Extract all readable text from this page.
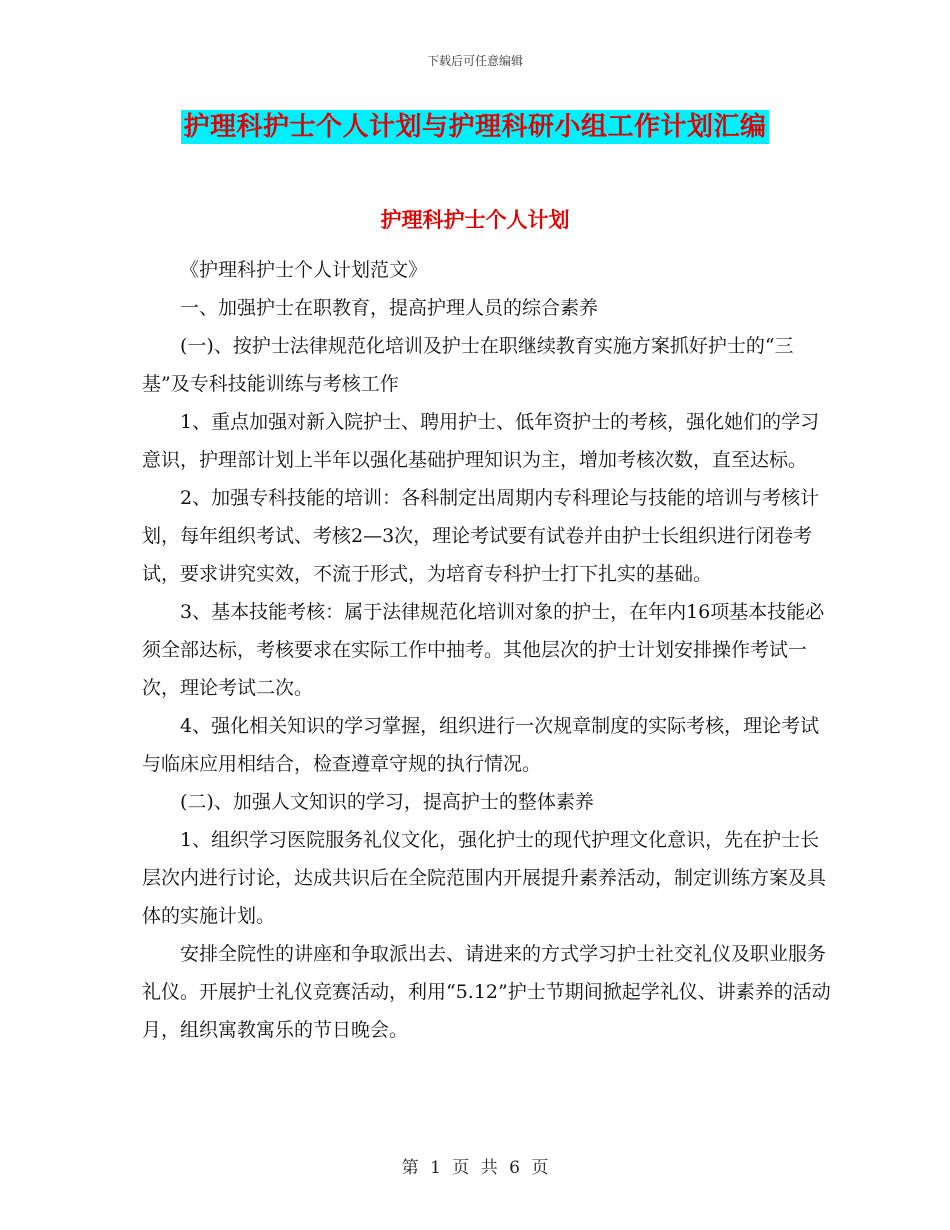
下载后可任意编辑
护理科护士个人计划与护理科研小组工作计划汇编
护理科护士个人计划

《护理科护士个人计划范文》

一、加强护士在职教育，提高护理人员的综合素养

(一)、按护士法律规范化培训及护士在职继续教育实施方案抓好护士的“三基”及专科技能训练与考核工作

1、重点加强对新入院护士、聘用护士、低年资护士的考核，强化她们的学习意识，护理部计划上半年以强化基础护理知识为主，增加考核次数，直至达标。

2、加强专科技能的培训：各科制定出周期内专科理论与技能的培训与考核计划，每年组织考试、考核2—3次，理论考试要有试卷并由护士长组织进行闭卷考试，要求讲究实效，不流于形式，为培育专科护士打下扎实的基础。

3、基本技能考核：属于法律规范化培训对象的护士，在年内16项基本技能必须全部达标，考核要求在实际工作中抽考。其他层次的护士计划安排操作考试一次，理论考试二次。

4、强化相关知识的学习掌握，组织进行一次规章制度的实际考核，理论考试与临床应用相结合，检查遵章守规的执行情况。

(二)、加强人文知识的学习，提高护士的整体素养

1、组织学习医院服务礼仪文化，强化护士的现代护理文化意识，先在护士长层次内进行讨论，达成共识后在全院范围内开展提升素养活动，制定训练方案及具体的实施计划。

安排全院性的讲座和争取派出去、请进来的方式学习护士社交礼仪及职业服务礼仪。开展护士礼仪竞赛活动，利用“5.12”护士节期间掀起学礼仪、讲素养的活动月，组织寓教寓乐的节日晚会。

第 1 页 共 6 页
